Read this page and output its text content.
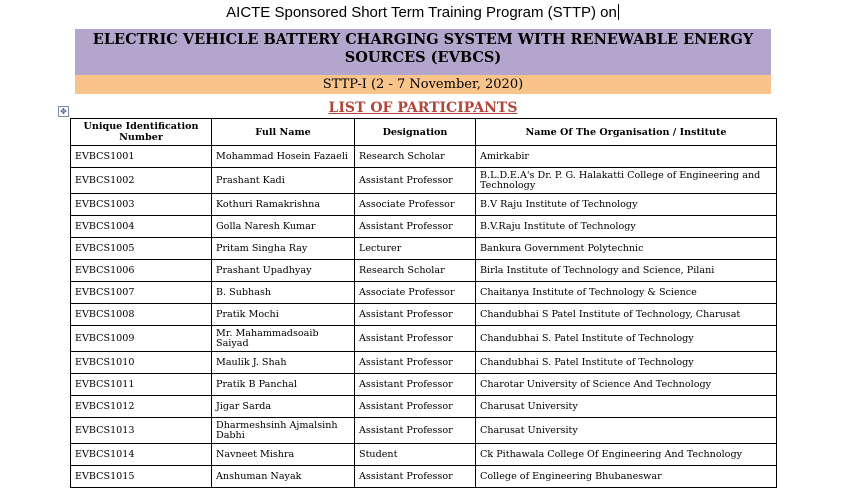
AICTE Sponsored Short Term Training Program (STTP) on
ELECTRIC VEHICLE BATTERY CHARGING SYSTEM WITH RENEWABLE ENERGY
SOURCES (EVBCS)
STTP-I (2 - 7 November, 2020)
✥	LIST OF PARTICIPANTS
Unique Identification Number	Full Name	Designation	Name Of The Organisation / Institute
EVBCS1001	Mohammad Hosein Fazaeli	Research Scholar	Amirkabir
EVBCS1002	Prashant Kadi	Assistant Professor	B.L.D.E.A's Dr. P. G. Halakatti College of Engineering and Technology
EVBCS1003	Kothuri Ramakrishna	Associate Professor	B.V Raju Institute of Technology
EVBCS1004	Golla Naresh Kumar	Assistant Professor	B.V.Raju Institute of Technology
EVBCS1005	Pritam Singha Ray	Lecturer	Bankura Government Polytechnic
EVBCS1006	Prashant Upadhyay	Research Scholar	Birla Institute of Technology and Science, Pilani
EVBCS1007	B. Subhash	Associate Professor	Chaitanya Institute of Technology & Science
EVBCS1008	Pratik Mochi	Assistant Professor	Chandubhai S Patel Institute of Technology, Charusat
EVBCS1009	Mr. Mahammadsoaib Saiyad	Assistant Professor	Chandubhai S. Patel Institute of Technology
EVBCS1010	Maulik J. Shah	Assistant Professor	Chandubhai S. Patel Institute of Technology
EVBCS1011	Pratik B Panchal	Assistant Professor	Charotar University of Science And Technology
EVBCS1012	Jigar Sarda	Assistant Professor	Charusat University
EVBCS1013	Dharmeshsinh Ajmalsinh Dabhi	Assistant Professor	Charusat University
EVBCS1014	Navneet Mishra	Student	Ck Pithawala College Of Engineering And Technology
EVBCS1015	Anshuman Nayak	Assistant Professor	College of Engineering Bhubaneswar
